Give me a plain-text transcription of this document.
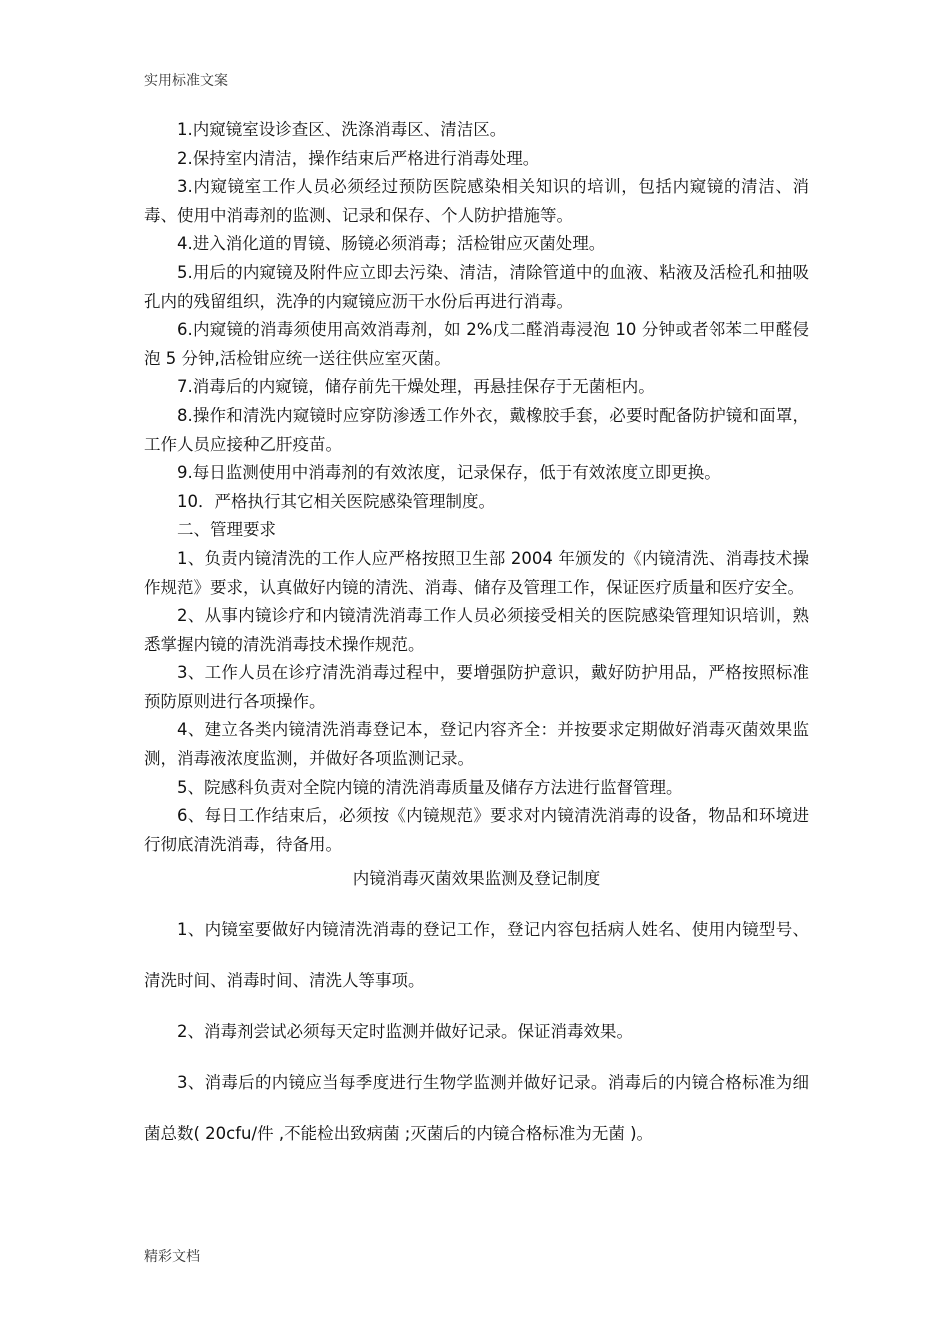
实用标准文案

1.内窥镜室设诊查区、洗涤消毒区、清洁区。

2.保持室内清洁，操作结束后严格进行消毒处理。

3.内窥镜室工作人员必须经过预防医院感染相关知识的培训，包括内窥镜的清洁、消毒、使用中消毒剂的监测、记录和保存、个人防护措施等。

4.进入消化道的胃镜、肠镜必须消毒；活检钳应灭菌处理。

5.用后的内窥镜及附件应立即去污染、清洁，清除管道中的血液、粘液及活检孔和抽吸孔内的残留组织，洗净的内窥镜应沥干水份后再进行消毒。

6.内窥镜的消毒须使用高效消毒剂，如 2%戊二醛消毒浸泡 10 分钟或者邻苯二甲醛侵泡 5 分钟,活检钳应统一送往供应室灭菌。

7.消毒后的内窥镜，储存前先干燥处理，再悬挂保存于无菌柜内。

8.操作和清洗内窥镜时应穿防渗透工作外衣，戴橡胶手套，必要时配备防护镜和面罩，工作人员应接种乙肝疫苗。

9.每日监测使用中消毒剂的有效浓度，记录保存，低于有效浓度立即更换。

10．严格执行其它相关医院感染管理制度。

二、管理要求

1、负责内镜清洗的工作人应严格按照卫生部 2004 年颁发的《内镜清洗、消毒技术操作规范》要求，认真做好内镜的清洗、消毒、储存及管理工作，保证医疗质量和医疗安全。

2、从事内镜诊疗和内镜清洗消毒工作人员必须接受相关的医院感染管理知识培训，熟悉掌握内镜的清洗消毒技术操作规范。

3、工作人员在诊疗清洗消毒过程中，要增强防护意识，戴好防护用品，严格按照标准预防原则进行各项操作。

4、建立各类内镜清洗消毒登记本，登记内容齐全：并按要求定期做好消毒灭菌效果监测，消毒液浓度监测，并做好各项监测记录。

5、院感科负责对全院内镜的清洗消毒质量及储存方法进行监督管理。

6、每日工作结束后，必须按《内镜规范》要求对内镜清洗消毒的设备，物品和环境进行彻底清洗消毒，待备用。

内镜消毒灭菌效果监测及登记制度

1、内镜室要做好内镜清洗消毒的登记工作，登记内容包括病人姓名、使用内镜型号、清洗时间、消毒时间、清洗人等事项。

2、消毒剂尝试必须每天定时监测并做好记录。保证消毒效果。

3、消毒后的内镜应当每季度进行生物学监测并做好记录。消毒后的内镜合格标准为细菌总数( 20cfu/件 ,不能检出致病菌 ;灭菌后的内镜合格标准为无菌 )。

精彩文档
